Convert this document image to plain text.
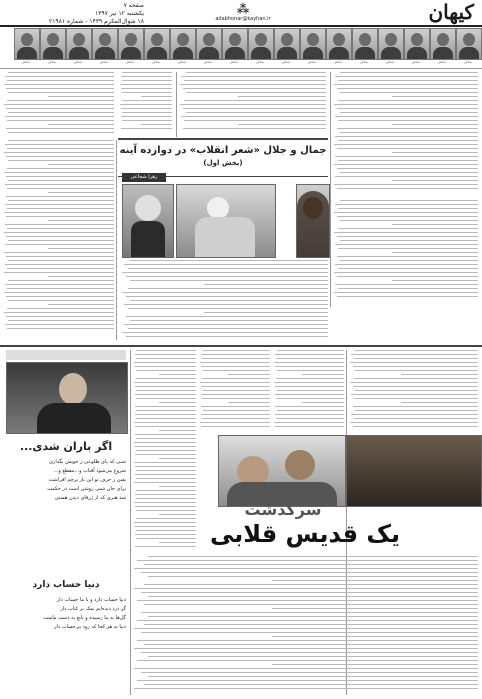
صفحه ۷
یکشنبه ۱۲ تیر ۱۳۹۷
۱۸ شوال‌المکرم ۱۴۳۹ - شماره ۲۱۹۸۱
⁂
adabhonar@kayhan.ir	کیهان
شاعر
شاعر
شاعر
شاعر
شاعر
شاعر
شاعر
شاعر
شاعر
شاعر
شاعر
شاعر
شاعر
شاعر
شاعر
شاعر
شاعر
شاعر
جمال و جلال «شعر انقلاب» در دوازده آینه
(بخش اول)
زهرا شجاعی
اگر باران شدی...
شبی که پای طلوعی ز خویش بگذاری
شروع می‌شود آفتاب و...مقطع و...
یقین ز حرف تو این بار پرچم افراشت
برای جان شبی روشن است در حکمت
شد هنری که از ژرفای دیدن هستی
دنیا حساب دارد
دنیا حساب دارد و با ما حساب دار
گر درد دیده‌ایم نمک بر کتاب دار
گل‌ها به ما رسیده و بایع به دست ماست
دنیا به هر کجا که رود بی‌حساب دار
سرگذشت
یک قدیس قلابی
